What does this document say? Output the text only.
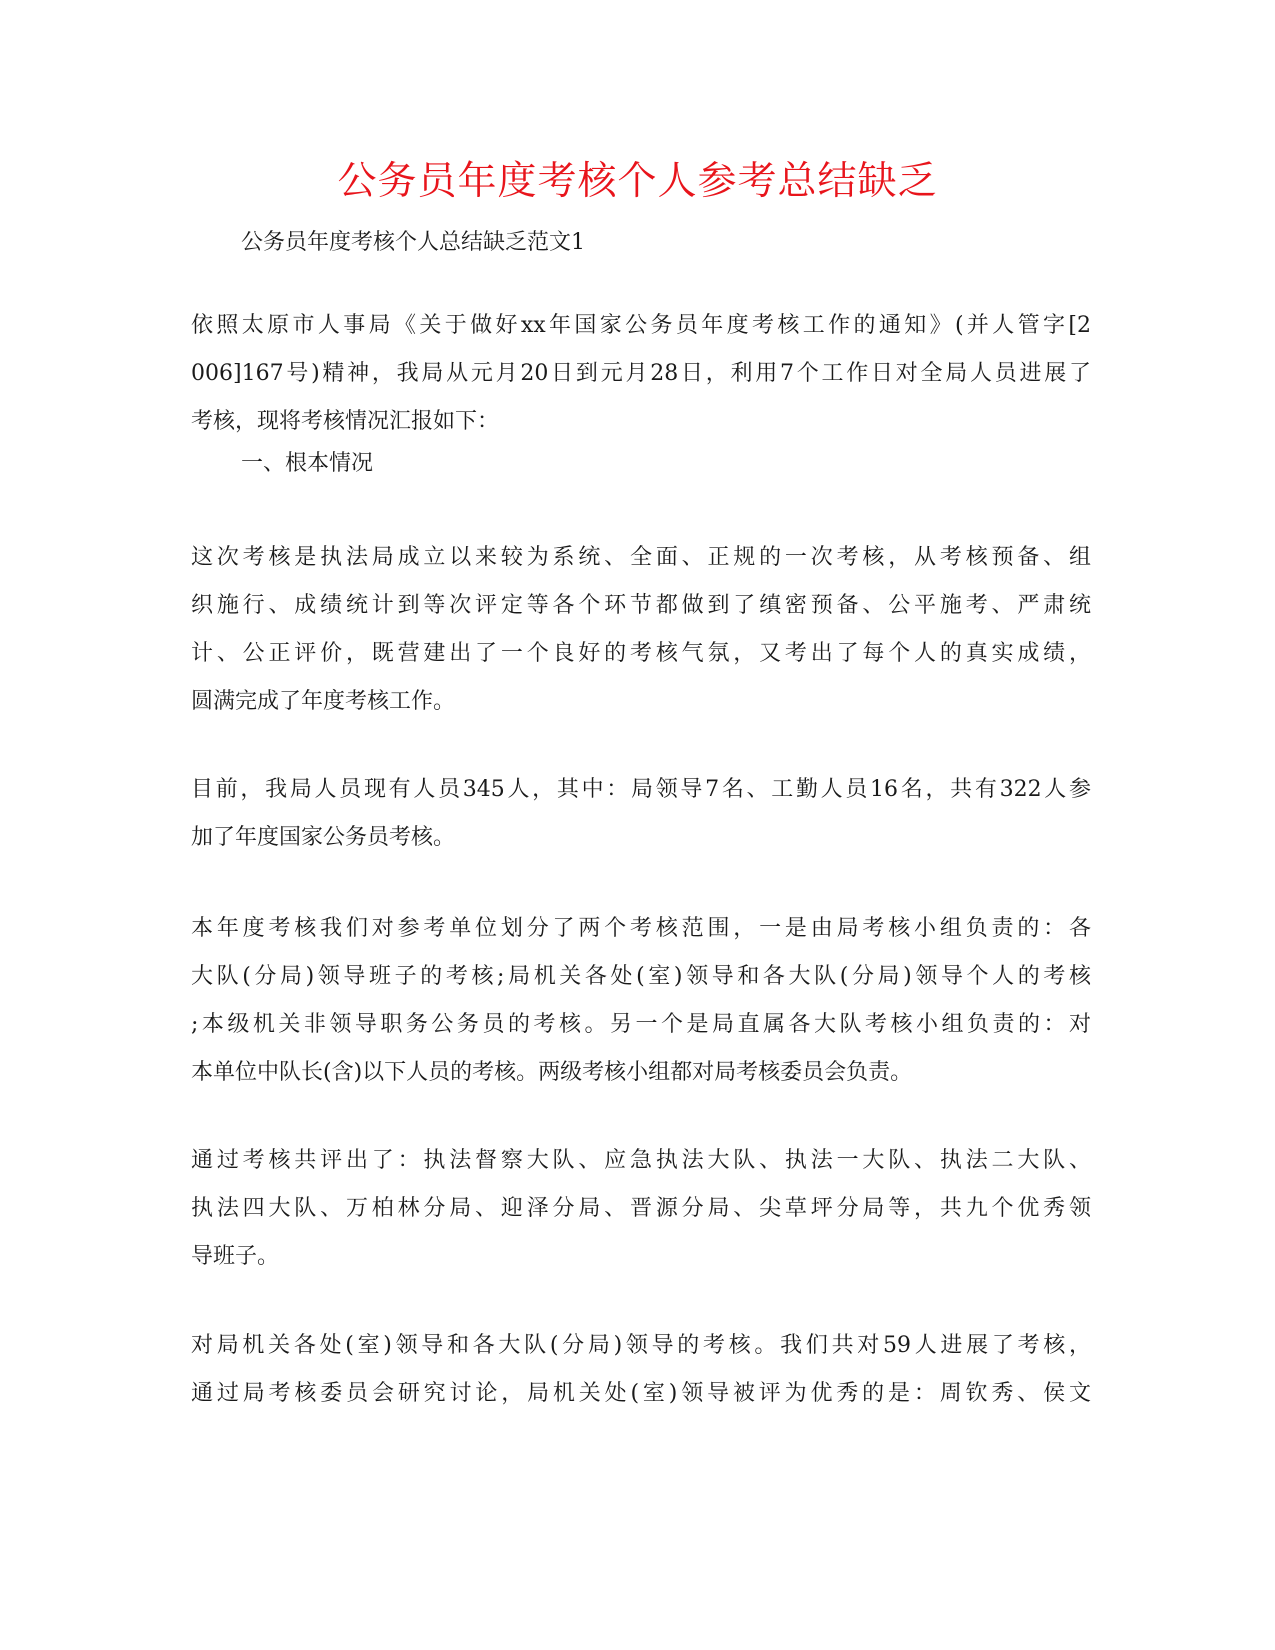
公务员年度考核个人参考总结缺乏
公务员年度考核个人总结缺乏范文1
依照太原市人事局《关于做好xx年国家公务员年度考核工作的通知》(并人管字[2
006]167号)精神，我局从元月20日到元月28日，利用7个工作日对全局人员进展了
考核，现将考核情况汇报如下：
一、根本情况
这次考核是执法局成立以来较为系统、全面、正规的一次考核，从考核预备、组
织施行、成绩统计到等次评定等各个环节都做到了缜密预备、公平施考、严肃统
计、公正评价，既营建出了一个良好的考核气氛，又考出了每个人的真实成绩，
圆满完成了年度考核工作。
目前，我局人员现有人员345人，其中：局领导7名、工勤人员16名，共有322人参
加了年度国家公务员考核。
本年度考核我们对参考单位划分了两个考核范围，一是由局考核小组负责的：各
大队(分局)领导班子的考核;局机关各处(室)领导和各大队(分局)领导个人的考核
;本级机关非领导职务公务员的考核。另一个是局直属各大队考核小组负责的：对
本单位中队长(含)以下人员的考核。两级考核小组都对局考核委员会负责。
通过考核共评出了：执法督察大队、应急执法大队、执法一大队、执法二大队、
执法四大队、万柏林分局、迎泽分局、晋源分局、尖草坪分局等，共九个优秀领
导班子。
对局机关各处(室)领导和各大队(分局)领导的考核。我们共对59人进展了考核，
通过局考核委员会研究讨论，局机关处(室)领导被评为优秀的是：周钦秀、侯文
